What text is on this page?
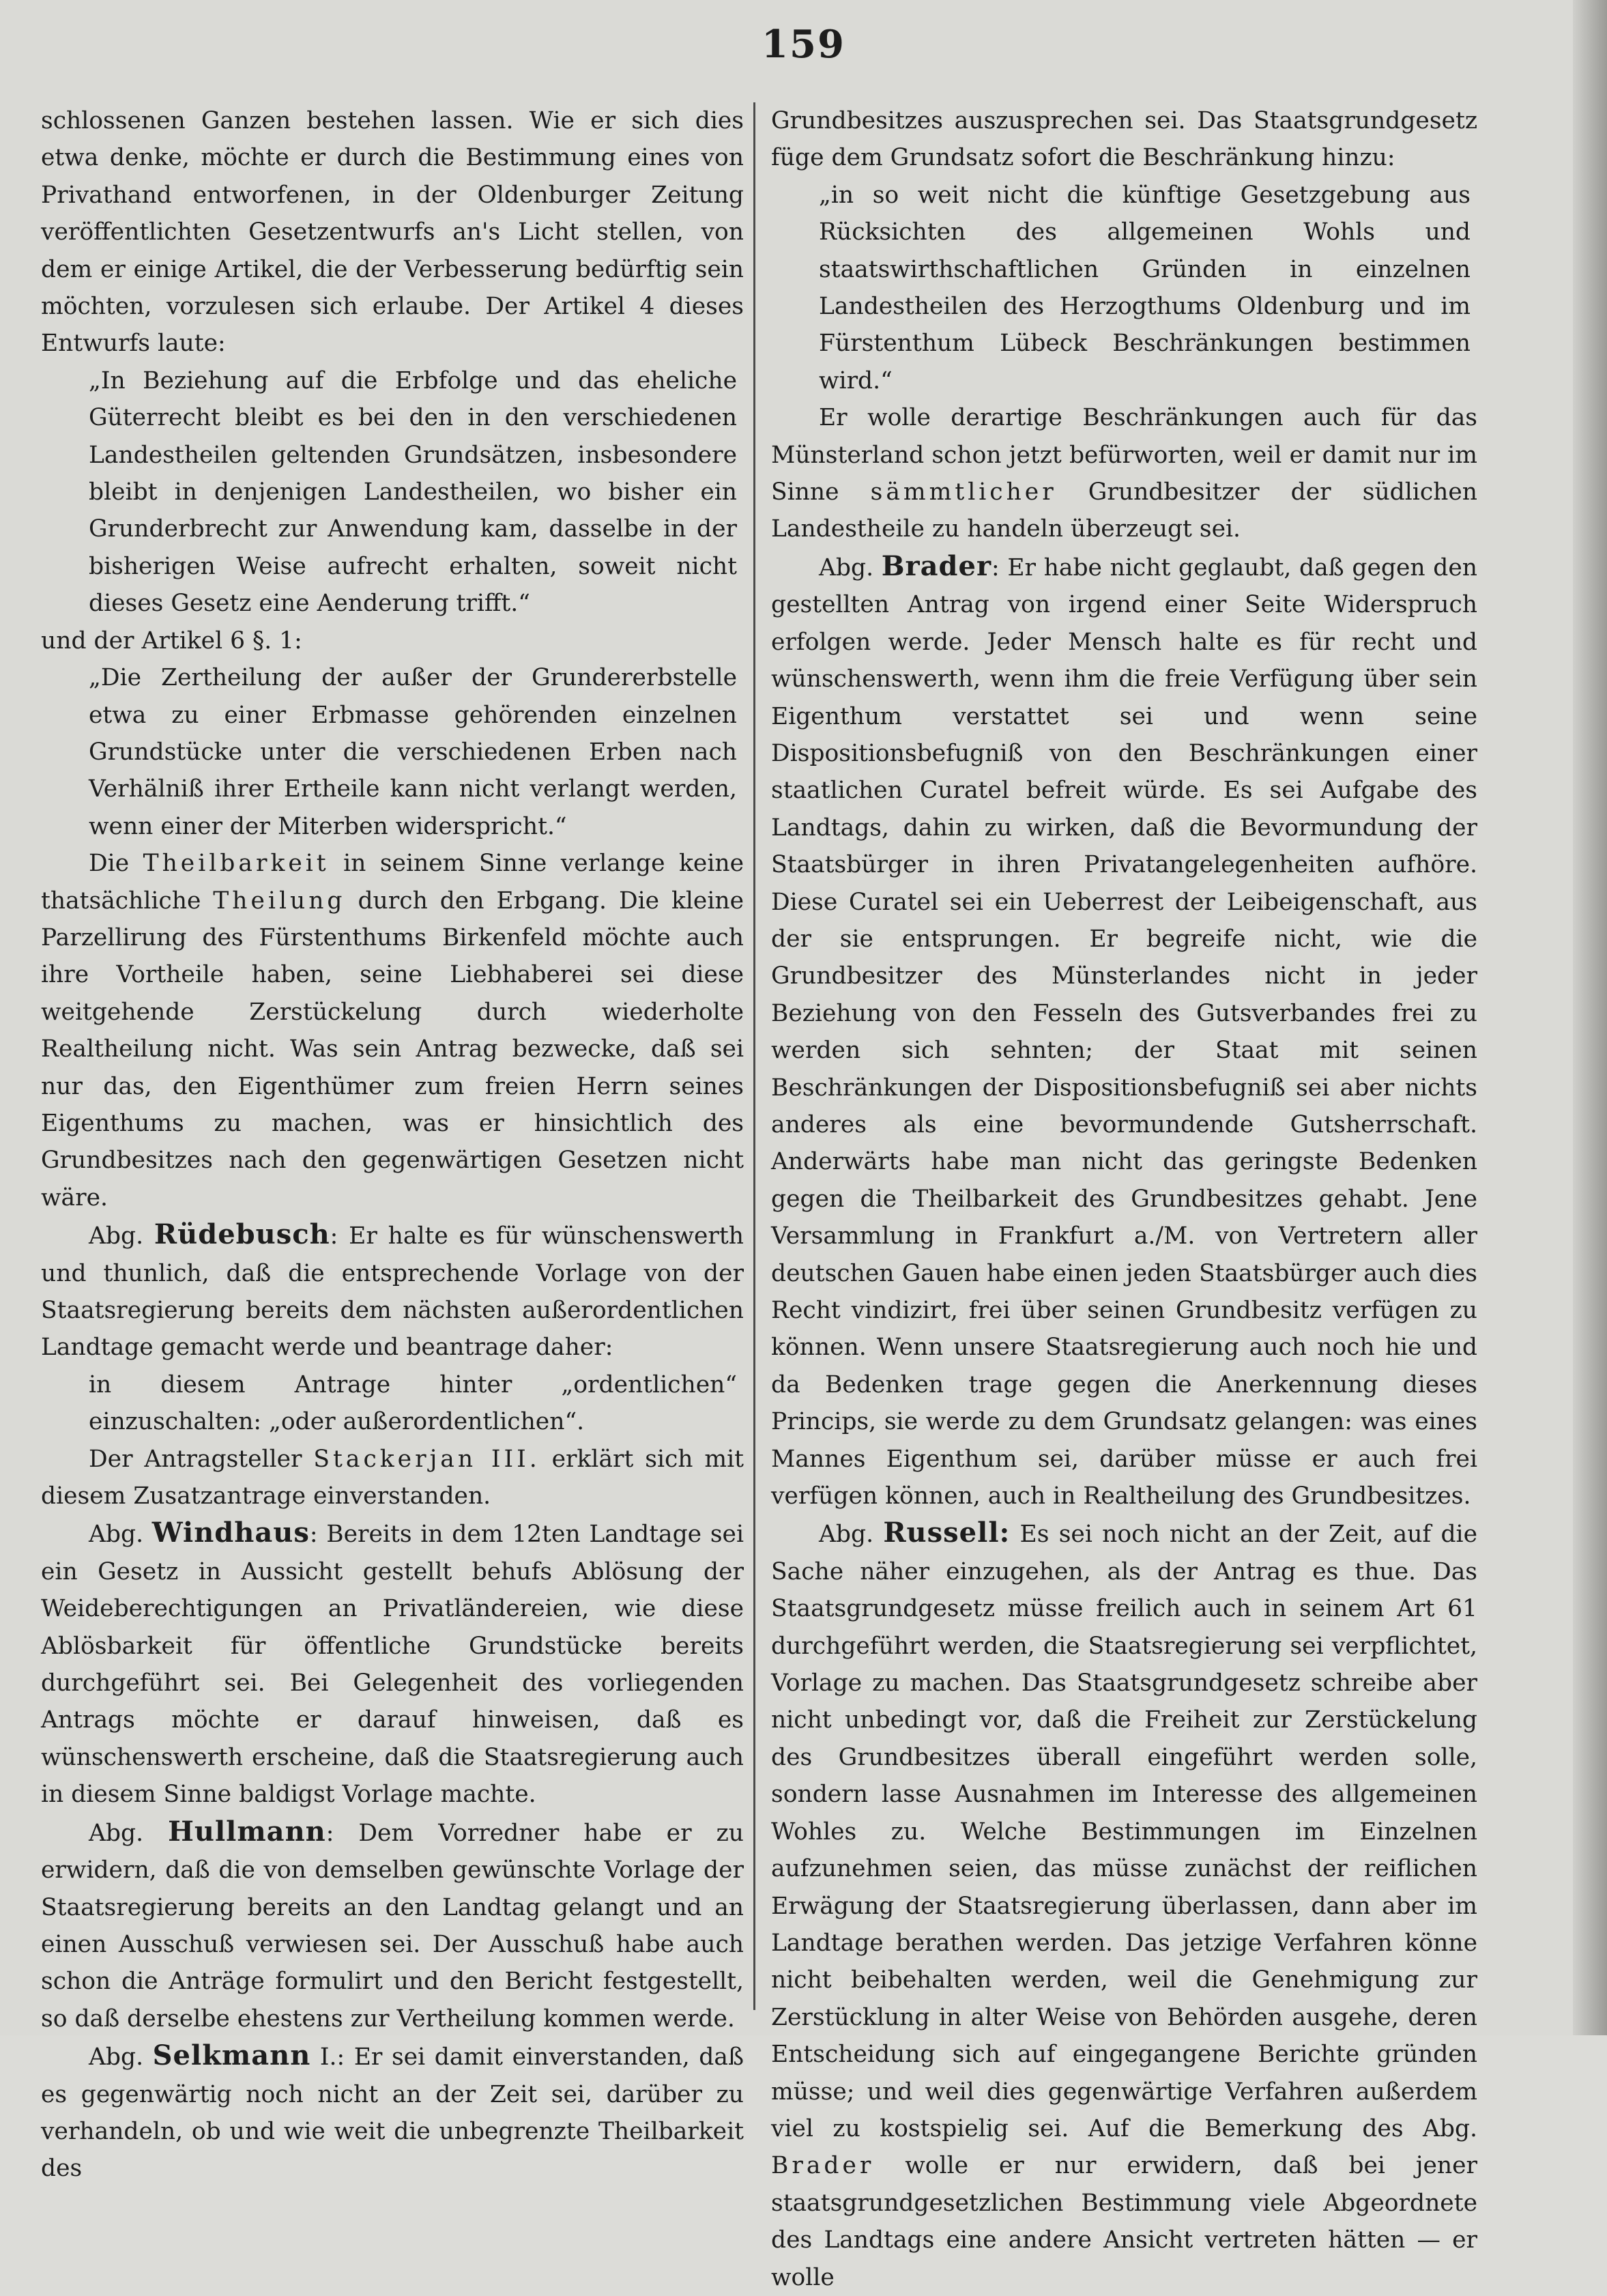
159

schlossenen Ganzen bestehen lassen. Wie er sich dies etwa denke, möchte er durch die Bestimmung eines von Privathand entworfenen, in der Oldenburger Zeitung veröffentlichten Gesetzentwurfs an's Licht stellen, von dem er einige Artikel, die der Verbesserung bedürftig sein möchten, vorzulesen sich erlaube. Der Artikel 4 dieses Entwurfs laute:

„In Beziehung auf die Erbfolge und das eheliche Güterrecht bleibt es bei den in den verschiedenen Landestheilen geltenden Grundsätzen, insbesondere bleibt in denjenigen Landestheilen, wo bisher ein Grunderbrecht zur Anwendung kam, dasselbe in der bisherigen Weise aufrecht erhalten, soweit nicht dieses Gesetz eine Aenderung trifft.“

und der Artikel 6 §. 1:

„Die Zertheilung der außer der Grundererbstelle etwa zu einer Erbmasse gehörenden einzelnen Grundstücke unter die verschiedenen Erben nach Verhälniß ihrer Ertheile kann nicht verlangt werden, wenn einer der Miterben widerspricht.“

Die Theilbarkeit in seinem Sinne verlange keine thatsächliche Theilung durch den Erbgang. Die kleine Parzellirung des Fürstenthums Birkenfeld möchte auch ihre Vortheile haben, seine Liebhaberei sei diese weitgehende Zerstückelung durch wiederholte Realtheilung nicht. Was sein Antrag bezwecke, daß sei nur das, den Eigenthümer zum freien Herrn seines Eigenthums zu machen, was er hinsichtlich des Grundbesitzes nach den gegenwärtigen Gesetzen nicht wäre.

Abg. Rüdebusch: Er halte es für wünschenswerth und thunlich, daß die entsprechende Vorlage von der Staatsregierung bereits dem nächsten außerordentlichen Landtage gemacht werde und beantrage daher:

in diesem Antrage hinter „ordentlichen“ einzuschalten: „oder außerordentlichen“.

Der Antragsteller Stackerjan III. erklärt sich mit diesem Zusatzantrage einverstanden.

Abg. Windhaus: Bereits in dem 12ten Landtage sei ein Gesetz in Aussicht gestellt behufs Ablösung der Weideberechtigungen an Privatländereien, wie diese Ablösbarkeit für öffentliche Grundstücke bereits durchgeführt sei. Bei Gelegenheit des vorliegenden Antrags möchte er darauf hinweisen, daß es wünschenswerth erscheine, daß die Staatsregierung auch in diesem Sinne baldigst Vorlage machte.

Abg. Hullmann: Dem Vorredner habe er zu erwidern, daß die von demselben gewünschte Vorlage der Staatsregierung bereits an den Landtag gelangt und an einen Ausschuß verwiesen sei. Der Ausschuß habe auch schon die Anträge formulirt und den Bericht festgestellt, so daß derselbe ehestens zur Vertheilung kommen werde.

Abg. Selkmann I.: Er sei damit einverstanden, daß es gegenwärtig noch nicht an der Zeit sei, darüber zu verhandeln, ob und wie weit die unbegrenzte Theilbarkeit des

Grundbesitzes auszusprechen sei. Das Staatsgrundgesetz füge dem Grundsatz sofort die Beschränkung hinzu:

„in so weit nicht die künftige Gesetzgebung aus Rücksichten des allgemeinen Wohls und staatswirthschaftlichen Gründen in einzelnen Landestheilen des Herzogthums Oldenburg und im Fürstenthum Lübeck Beschränkungen bestimmen wird.“

Er wolle derartige Beschränkungen auch für das Münsterland schon jetzt befürworten, weil er damit nur im Sinne sämmtlicher Grundbesitzer der südlichen Landestheile zu handeln überzeugt sei.

Abg. Brader: Er habe nicht geglaubt, daß gegen den gestellten Antrag von irgend einer Seite Widerspruch erfolgen werde. Jeder Mensch halte es für recht und wünschenswerth, wenn ihm die freie Verfügung über sein Eigenthum verstattet sei und wenn seine Dispositionsbefugniß von den Beschränkungen einer staatlichen Curatel befreit würde. Es sei Aufgabe des Landtags, dahin zu wirken, daß die Bevormundung der Staatsbürger in ihren Privatangelegenheiten aufhöre. Diese Curatel sei ein Ueberrest der Leibeigenschaft, aus der sie entsprungen. Er begreife nicht, wie die Grundbesitzer des Münsterlandes nicht in jeder Beziehung von den Fesseln des Gutsverbandes frei zu werden sich sehnten; der Staat mit seinen Beschränkungen der Dispositionsbefugniß sei aber nichts anderes als eine bevormundende Gutsherrschaft. Anderwärts habe man nicht das geringste Bedenken gegen die Theilbarkeit des Grundbesitzes gehabt. Jene Versammlung in Frankfurt a./M. von Vertretern aller deutschen Gauen habe einen jeden Staatsbürger auch dies Recht vindizirt, frei über seinen Grundbesitz verfügen zu können. Wenn unsere Staatsregierung auch noch hie und da Bedenken trage gegen die Anerkennung dieses Princips, sie werde zu dem Grundsatz gelangen: was eines Mannes Eigenthum sei, darüber müsse er auch frei verfügen können, auch in Realtheilung des Grundbesitzes.

Abg. Russell: Es sei noch nicht an der Zeit, auf die Sache näher einzugehen, als der Antrag es thue. Das Staatsgrundgesetz müsse freilich auch in seinem Art 61 durchgeführt werden, die Staatsregierung sei verpflichtet, Vorlage zu machen. Das Staatsgrundgesetz schreibe aber nicht unbedingt vor, daß die Freiheit zur Zerstückelung des Grundbesitzes überall eingeführt werden solle, sondern lasse Ausnahmen im Interesse des allgemeinen Wohles zu. Welche Bestimmungen im Einzelnen aufzunehmen seien, das müsse zunächst der reiflichen Erwägung der Staatsregierung überlassen, dann aber im Landtage berathen werden. Das jetzige Verfahren könne nicht beibehalten werden, weil die Genehmigung zur Zerstücklung in alter Weise von Behörden ausgehe, deren Entscheidung sich auf eingegangene Berichte gründen müsse; und weil dies gegenwärtige Verfahren außerdem viel zu kostspielig sei. Auf die Bemerkung des Abg. Brader wolle er nur erwidern, daß bei jener staatsgrundgesetzlichen Bestimmung viele Abgeordnete des Landtags eine andere Ansicht vertreten hätten — er wolle
